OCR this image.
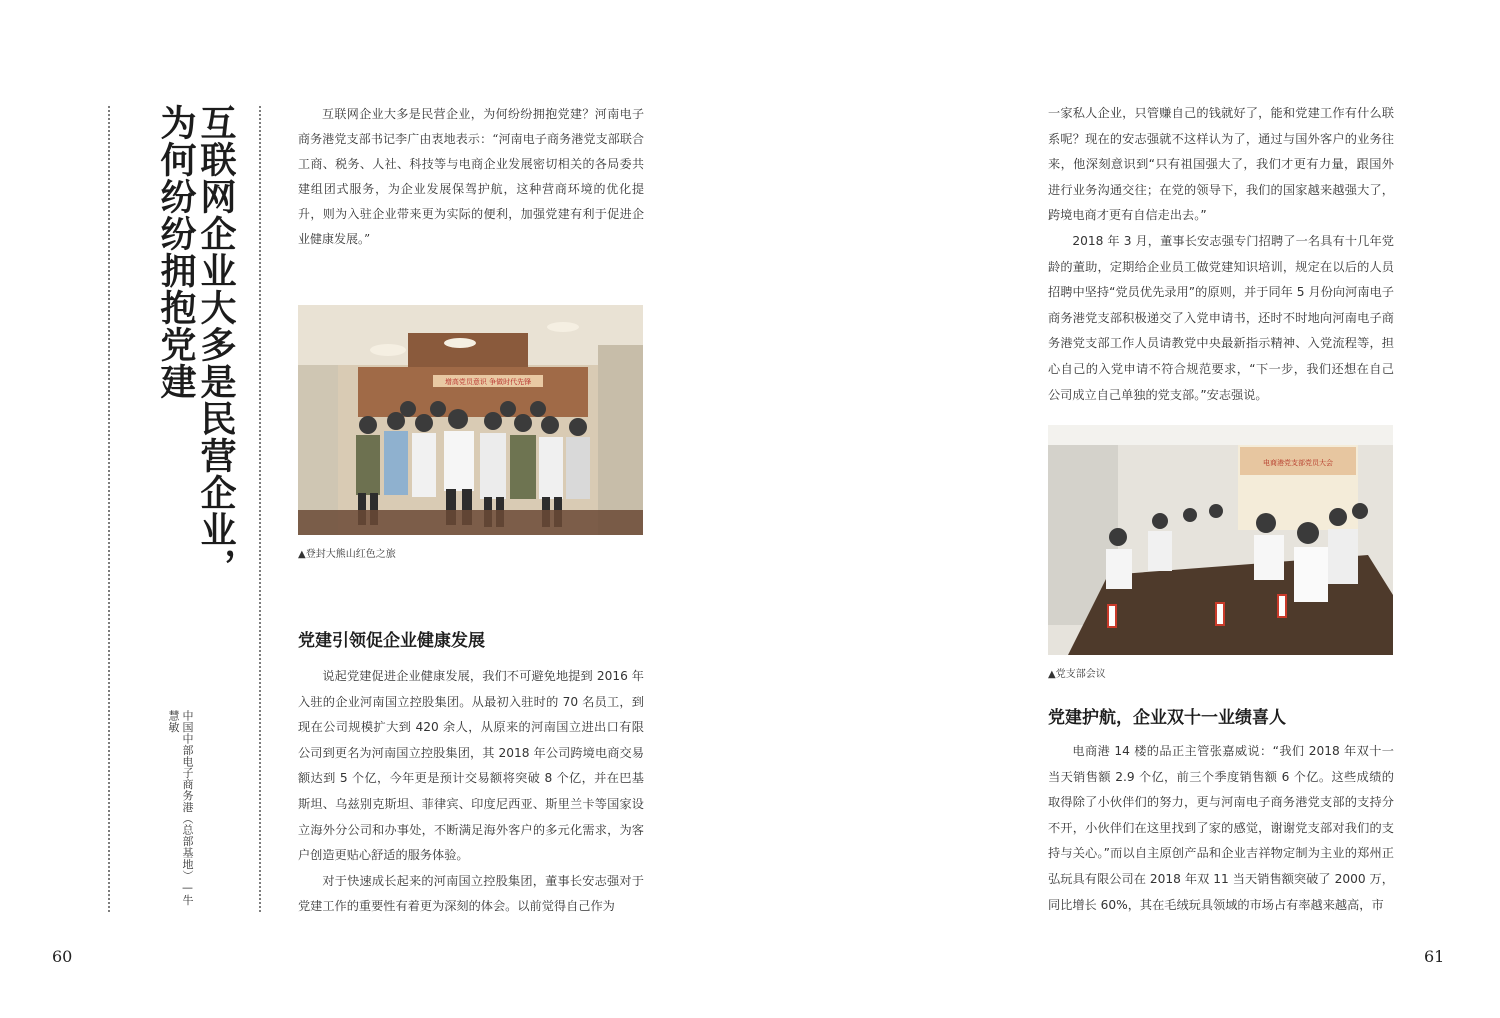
互联网企业大多是民营企业，
为何纷纷拥抱党建
中国中部电子商务港（总部基地）—牛慧敏

互联网企业大多是民营企业，为何纷纷拥抱党建？河南电子商务港党支部书记李广由衷地表示：“河南电子商务港党支部联合工商、税务、人社、科技等与电商企业发展密切相关的各局委共建组团式服务，为企业发展保驾护航，这种营商环境的优化提升，则为入驻企业带来更为实际的便利，加强党建有利于促进企业健康发展。”

增高党员意识 争做时代先锋

▲登封大熊山红色之旅

党建引领促企业健康发展

说起党建促进企业健康发展，我们不可避免地提到 2016 年入驻的企业河南国立控股集团。从最初入驻时的 70 名员工，到现在公司规模扩大到 420 余人，从原来的河南国立进出口有限公司到更名为河南国立控股集团，其 2018 年公司跨境电商交易额达到 5 个亿，今年更是预计交易额将突破 8 个亿，并在巴基斯坦、乌兹别克斯坦、菲律宾、印度尼西亚、斯里兰卡等国家设立海外分公司和办事处，不断满足海外客户的多元化需求，为客户创造更贴心舒适的服务体验。

对于快速成长起来的河南国立控股集团，董事长安志强对于党建工作的重要性有着更为深刻的体会。以前觉得自己作为

60

一家私人企业，只管赚自己的钱就好了，能和党建工作有什么联系呢？现在的安志强就不这样认为了，通过与国外客户的业务往来，他深刻意识到“只有祖国强大了，我们才更有力量，跟国外进行业务沟通交往；在党的领导下，我们的国家越来越强大了，跨境电商才更有自信走出去。”

2018 年 3 月，董事长安志强专门招聘了一名具有十几年党龄的董助，定期给企业员工做党建知识培训，规定在以后的人员招聘中坚持“党员优先录用”的原则，并于同年 5 月份向河南电子商务港党支部积极递交了入党申请书，还时不时地向河南电子商务港党支部工作人员请教党中央最新指示精神、入党流程等，担心自己的入党申请不符合规范要求，“下一步，我们还想在自己公司成立自己单独的党支部。”安志强说。

电商港党支部党员大会

▲党支部会议

党建护航，企业双十一业绩喜人

电商港 14 楼的品正主管张嘉威说：“我们 2018 年双十一当天销售额 2.9 个亿，前三个季度销售额 6 个亿。这些成绩的取得除了小伙伴们的努力，更与河南电子商务港党支部的支持分不开，小伙伴们在这里找到了家的感觉，谢谢党支部对我们的支持与关心。”而以自主原创产品和企业吉祥物定制为主业的郑州正弘玩具有限公司在 2018 年双 11 当天销售额突破了 2000 万，同比增长 60%，其在毛绒玩具领域的市场占有率越来越高，市

61
